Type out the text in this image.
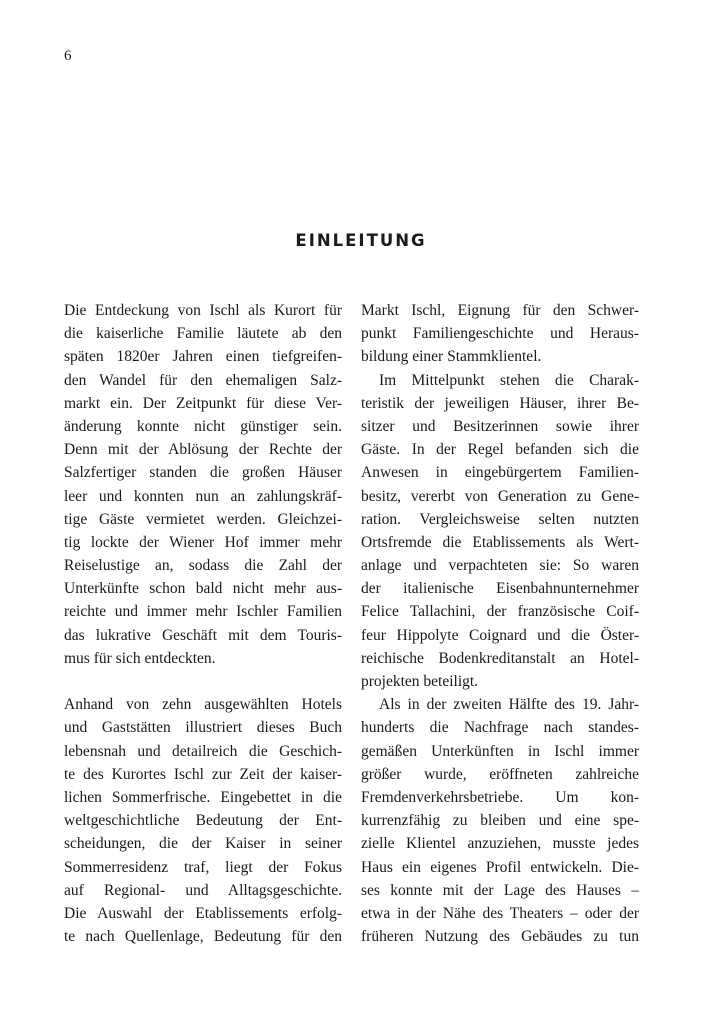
6
EINLEITUNG
Die Entdeckung von Ischl als Kurort für
die kaiserliche Familie läutete ab den
späten 1820er Jahren einen tiefgreifen-
den Wandel für den ehemaligen Salz-
markt ein. Der Zeitpunkt für diese Ver-
änderung konnte nicht günstiger sein.
Denn mit der Ablösung der Rechte der
Salzfertiger standen die großen Häuser
leer und konnten nun an zahlungskräf-
tige Gäste vermietet werden. Gleichzei-
tig lockte der Wiener Hof immer mehr
Reiselustige an, sodass die Zahl der
Unterkünfte schon bald nicht mehr aus-
reichte und immer mehr Ischler Familien
das lukrative Geschäft mit dem Touris-
mus für sich entdeckten.
Anhand von zehn ausgewählten Hotels
und Gaststätten illustriert dieses Buch
lebensnah und detailreich die Geschich-
te des Kurortes Ischl zur Zeit der kaiser-
lichen Sommerfrische. Eingebettet in die
weltgeschichtliche Bedeutung der Ent-
scheidungen, die der Kaiser in seiner
Sommerresidenz traf, liegt der Fokus
auf Regional- und Alltagsgeschichte.
Die Auswahl der Etablissements erfolg-
te nach Quellenlage, Bedeutung für den
Markt Ischl, Eignung für den Schwer-
punkt Familiengeschichte und Heraus-
bildung einer Stammklientel.
Im Mittelpunkt stehen die Charak-
teristik der jeweiligen Häuser, ihrer Be-
sitzer und Besitzerinnen sowie ihrer
Gäste. In der Regel befanden sich die
Anwesen in eingebürgertem Familien-
besitz, vererbt von Generation zu Gene-
ration. Vergleichsweise selten nutzten
Ortsfremde die Etablissements als Wert-
anlage und verpachteten sie: So waren
der italienische Eisenbahnunternehmer
Felice Tallachini, der französische Coif-
feur Hippolyte Coignard und die Öster-
reichische Bodenkreditanstalt an Hotel-
projekten beteiligt.
Als in der zweiten Hälfte des 19. Jahr-
hunderts die Nachfrage nach standes-
gemäßen Unterkünften in Ischl immer
größer wurde, eröffneten zahlreiche
Fremdenverkehrsbetriebe. Um kon-
kurrenzfähig zu bleiben und eine spe-
zielle Klientel anzuziehen, musste jedes
Haus ein eigenes Profil entwickeln. Die-
ses konnte mit der Lage des Hauses –
etwa in der Nähe des Theaters – oder der
früheren Nutzung des Gebäudes zu tun
